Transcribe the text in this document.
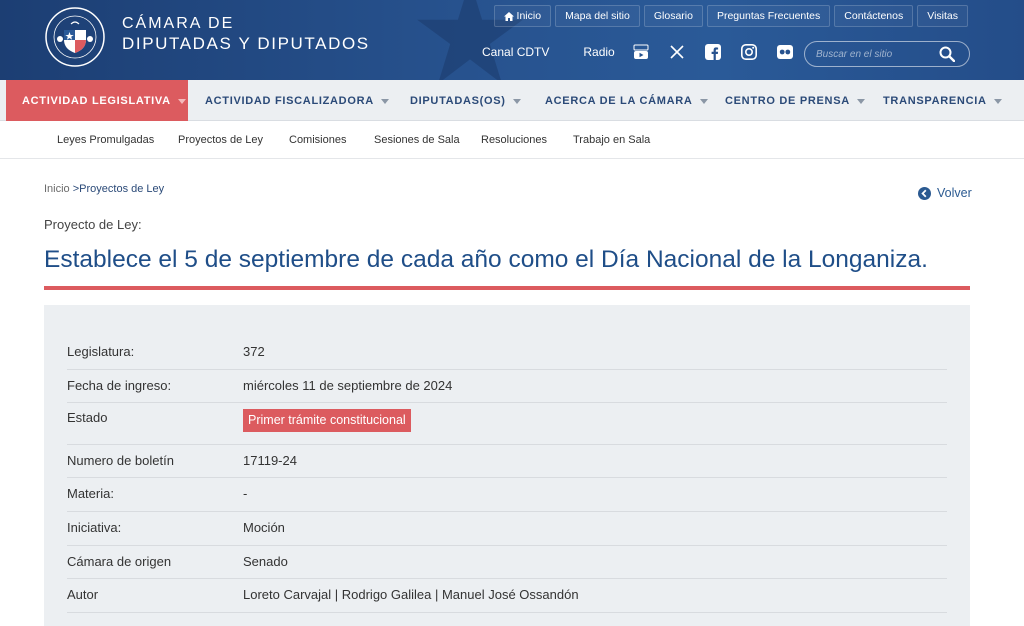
CÁMARA DE
DIPUTADAS Y DIPUTADOS
Inicio	Mapa del sitio	Glosario	Preguntas Frecuentes	Contáctenos	Visitas
Canal CDTV	Radio
Buscar en el sitio
ACTIVIDAD LEGISLATIVA	ACTIVIDAD FISCALIZADORA	DIPUTADAS(OS)	ACERCA DE LA CÁMARA	CENTRO DE PRENSA	TRANSPARENCIA
Leyes Promulgadas Proyectos de Ley Comisiones	Sesiones de Sala Resoluciones Trabajo en Sala
Inicio >Proyectos de Ley	Volver
Proyecto de Ley:
Establece el 5 de septiembre de cada año como el Día Nacional de la Longaniza.
Legislatura:	372
Fecha de ingreso:	miércoles 11 de septiembre de 2024
Estado	Primer trámite constitucional
Numero de boletín	17119-24
Materia:	-
Iniciativa:	Moción
Cámara de origen	Senado
Autor	Loreto Carvajal | Rodrigo Galilea | Manuel José Ossandón
